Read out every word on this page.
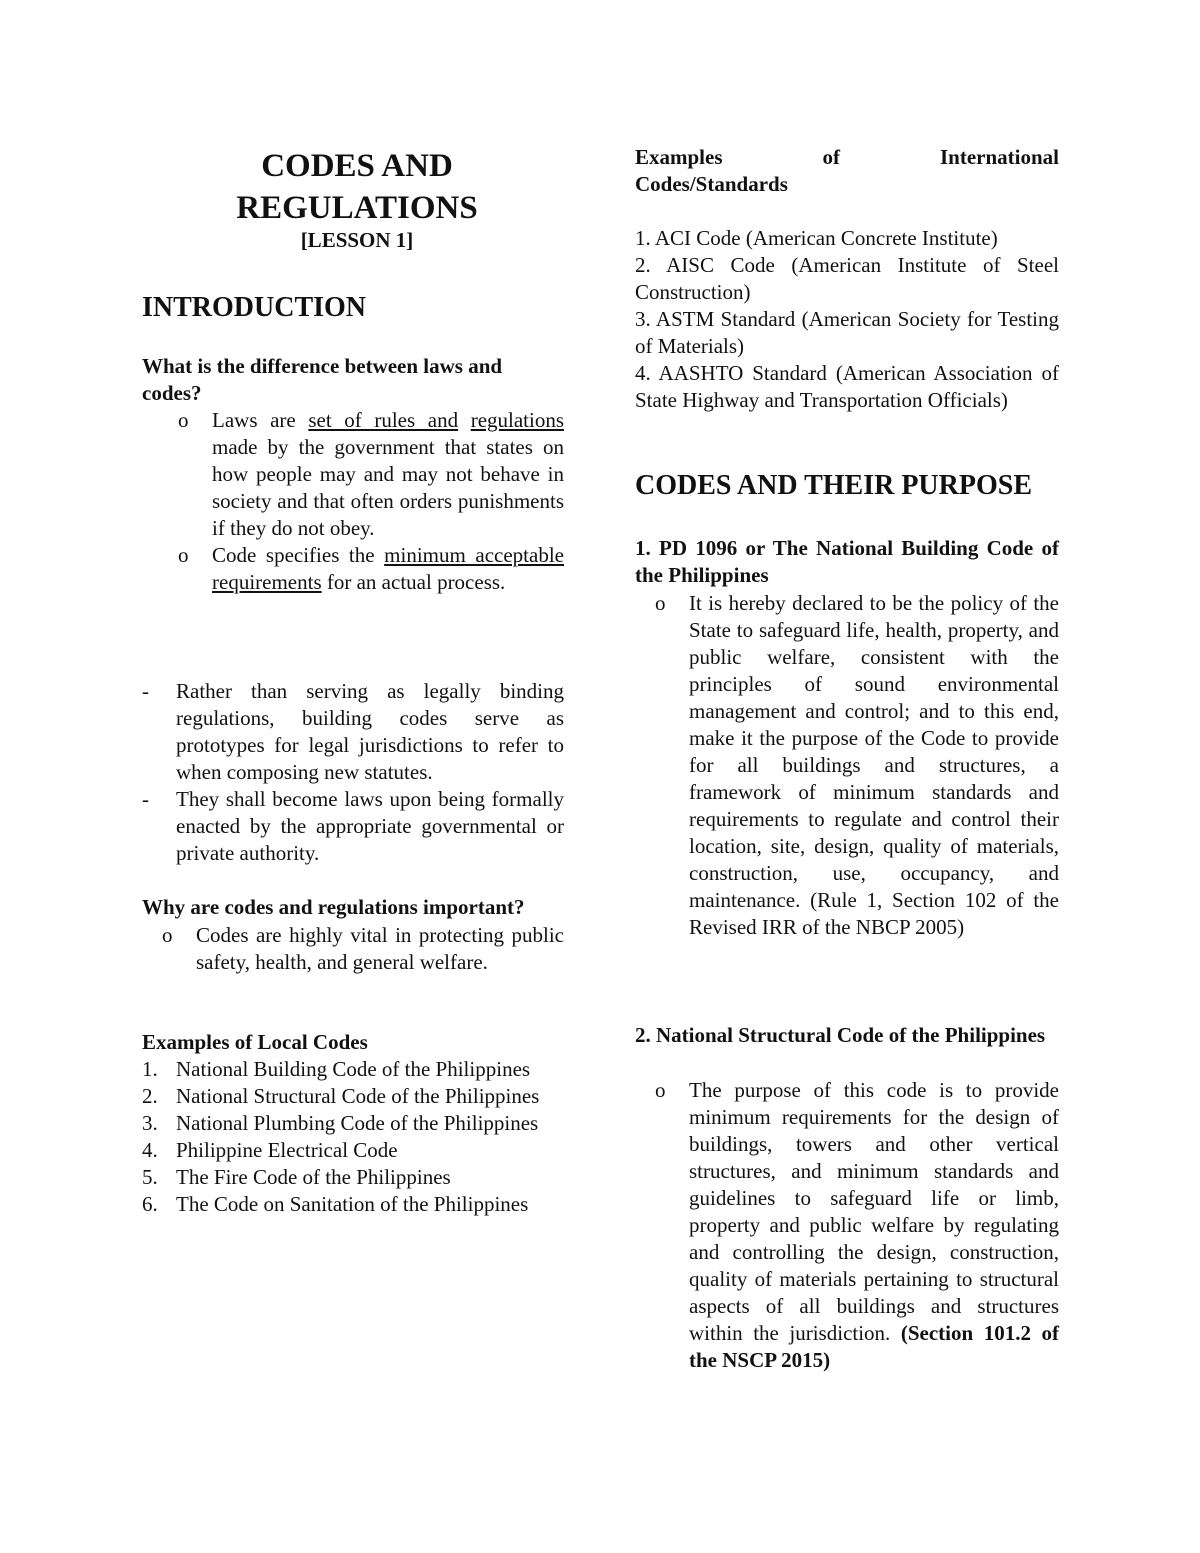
CODES AND
REGULATIONS
[LESSON 1]
INTRODUCTION
What is the difference between laws and
codes?
o Laws are set of rules and regulations made by the government that states on how people may and may not behave in society and that often orders punishments if they do not obey.
o Code specifies the minimum acceptable requirements for an actual process.
- Rather than serving as legally binding regulations, building codes serve as prototypes for legal jurisdictions to refer to when composing new statutes.
- They shall become laws upon being formally enacted by the appropriate governmental or private authority.
Why are codes and regulations important?
o Codes are highly vital in protecting public safety, health, and general welfare.
Examples of Local Codes
1. National Building Code of the Philippines
2. National Structural Code of the Philippines
3. National Plumbing Code of the Philippines
4. Philippine Electrical Code
5. The Fire Code of the Philippines
6. The Code on Sanitation of the Philippines
Examples	of	International
Codes/Standards

1. ACI Code (American Concrete Institute)

2. AISC Code (American Institute of Steel Construction)

3. ASTM Standard (American Society for Testing of Materials)

4. AASHTO Standard (American Association of State Highway and Transportation Officials)

CODES AND THEIR PURPOSE
1. PD 1096 or The National Building Code of the Philippines
o It is hereby declared to be the policy of the State to safeguard life, health, property, and public welfare, consistent with the principles of sound environmental management and control; and to this end, make it the purpose of the Code to provide for all buildings and structures, a framework of minimum standards and requirements to regulate and control their location, site, design, quality of materials, construction, use, occupancy, and maintenance. (Rule 1, Section 102 of the Revised IRR of the NBCP 2005)
2. National Structural Code of the Philippines
o The purpose of this code is to provide minimum requirements for the design of buildings, towers and other vertical structures, and minimum standards and guidelines to safeguard life or limb, property and public welfare by regulating and controlling the design, construction, quality of materials pertaining to structural aspects of all buildings and structures within the jurisdiction. (Section 101.2 of the NSCP 2015)
